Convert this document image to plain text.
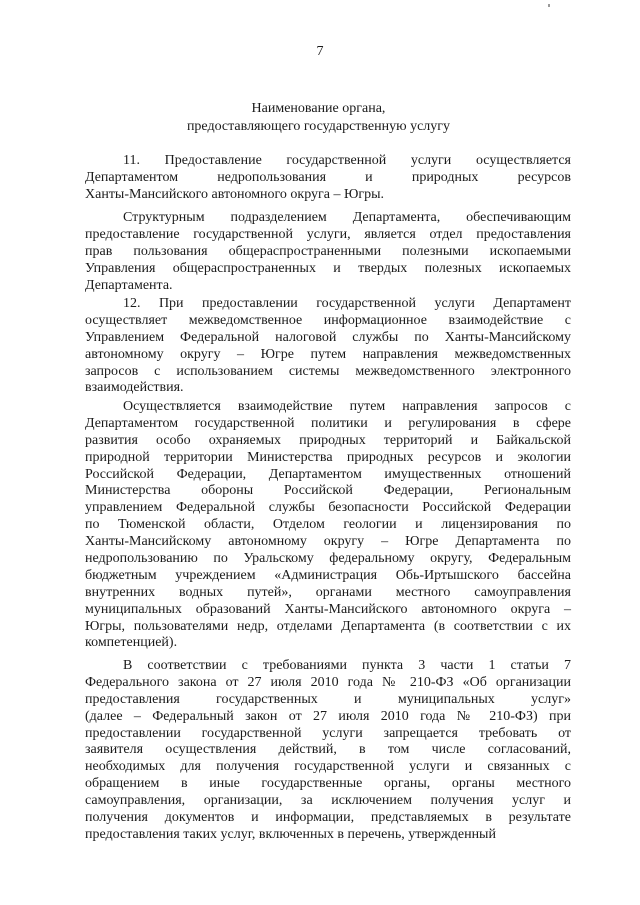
7
Наименование органа,
предоставляющего государственную услугу
11. Предоставление государственной услуги осуществляется
Департаментом недропользования и природных ресурсов
Ханты-Мансийского автономного округа – Югры.
Структурным подразделением Департамента, обеспечивающим
предоставление государственной услуги, является отдел предоставления
прав пользования общераспространенными полезными ископаемыми
Управления общераспространенных и твердых полезных ископаемых
Департамента.
12. При предоставлении государственной услуги Департамент
осуществляет межведомственное информационное взаимодействие с
Управлением Федеральной налоговой службы по Ханты-Мансийскому
автономному округу – Югре путем направления межведомственных
запросов с использованием системы межведомственного электронного
взаимодействия.
Осуществляется взаимодействие путем направления запросов с
Департаментом государственной политики и регулирования в сфере
развития особо охраняемых природных территорий и Байкальской
природной территории Министерства природных ресурсов и экологии
Российской Федерации, Департаментом имущественных отношений
Министерства обороны Российской Федерации, Региональным
управлением Федеральной службы безопасности Российской Федерации
по Тюменской области, Отделом геологии и лицензирования по
Ханты-Мансийскому автономному округу – Югре Департамента по
недропользованию по Уральскому федеральному округу, Федеральным
бюджетным учреждением «Администрация Обь-Иртышского бассейна
внутренних водных путей», органами местного самоуправления
муниципальных образований Ханты-Мансийского автономного округа –
Югры, пользователями недр, отделами Департамента (в соответствии с их
компетенцией).
В соответствии с требованиями пункта 3 части 1 статьи 7
Федерального закона от 27 июля 2010 года № 210-ФЗ «Об организации
предоставления государственных и муниципальных услуг»
(далее – Федеральный закон от 27 июля 2010 года № 210-ФЗ) при
предоставлении государственной услуги запрещается требовать от
заявителя осуществления действий, в том числе согласований,
необходимых для получения государственной услуги и связанных с
обращением в иные государственные органы, органы местного
самоуправления, организации, за исключением получения услуг и
получения документов и информации, представляемых в результате
предоставления таких услуг, включенных в перечень, утвержденный
